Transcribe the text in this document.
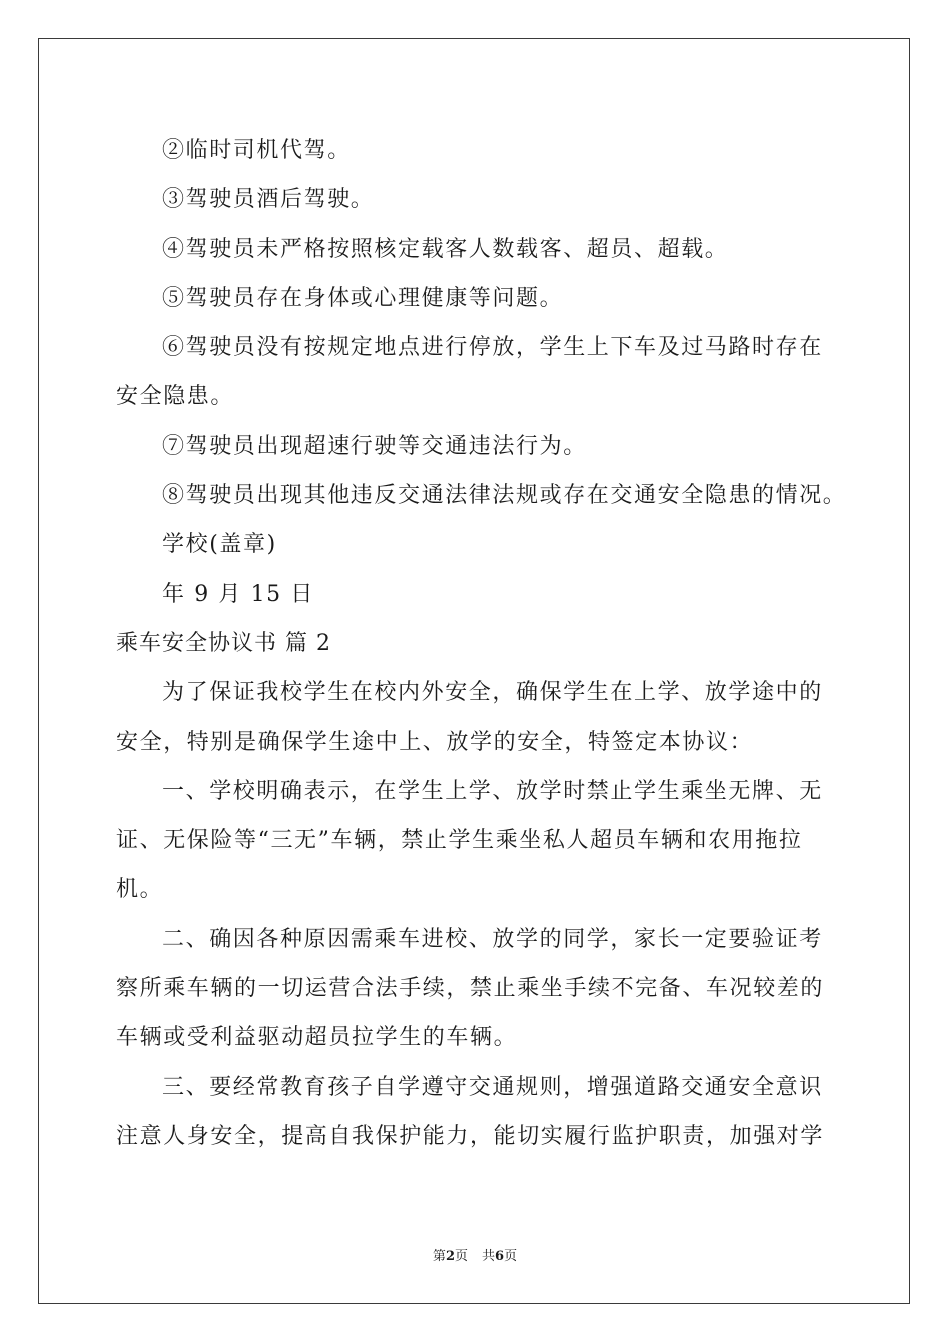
②临时司机代驾。
③驾驶员酒后驾驶。
④驾驶员未严格按照核定载客人数载客、超员、超载。
⑤驾驶员存在身体或心理健康等问题。
⑥驾驶员没有按规定地点进行停放，学生上下车及过马路时存在
安全隐患。
⑦驾驶员出现超速行驶等交通违法行为。
⑧驾驶员出现其他违反交通法律法规或存在交通安全隐患的情况。
学校(盖章)
年 9 月 15 日
乘车安全协议书 篇 2
为了保证我校学生在校内外安全，确保学生在上学、放学途中的
安全，特别是确保学生途中上、放学的安全，特签定本协议：
一、学校明确表示，在学生上学、放学时禁止学生乘坐无牌、无
证、无保险等“三无”车辆，禁止学生乘坐私人超员车辆和农用拖拉
机。
二、确因各种原因需乘车进校、放学的同学，家长一定要验证考
察所乘车辆的一切运营合法手续，禁止乘坐手续不完备、车况较差的
车辆或受利益驱动超员拉学生的车辆。
三、要经常教育孩子自学遵守交通规则，增强道路交通安全意识
注意人身安全，提高自我保护能力，能切实履行监护职责，加强对学
第2页 共6页
